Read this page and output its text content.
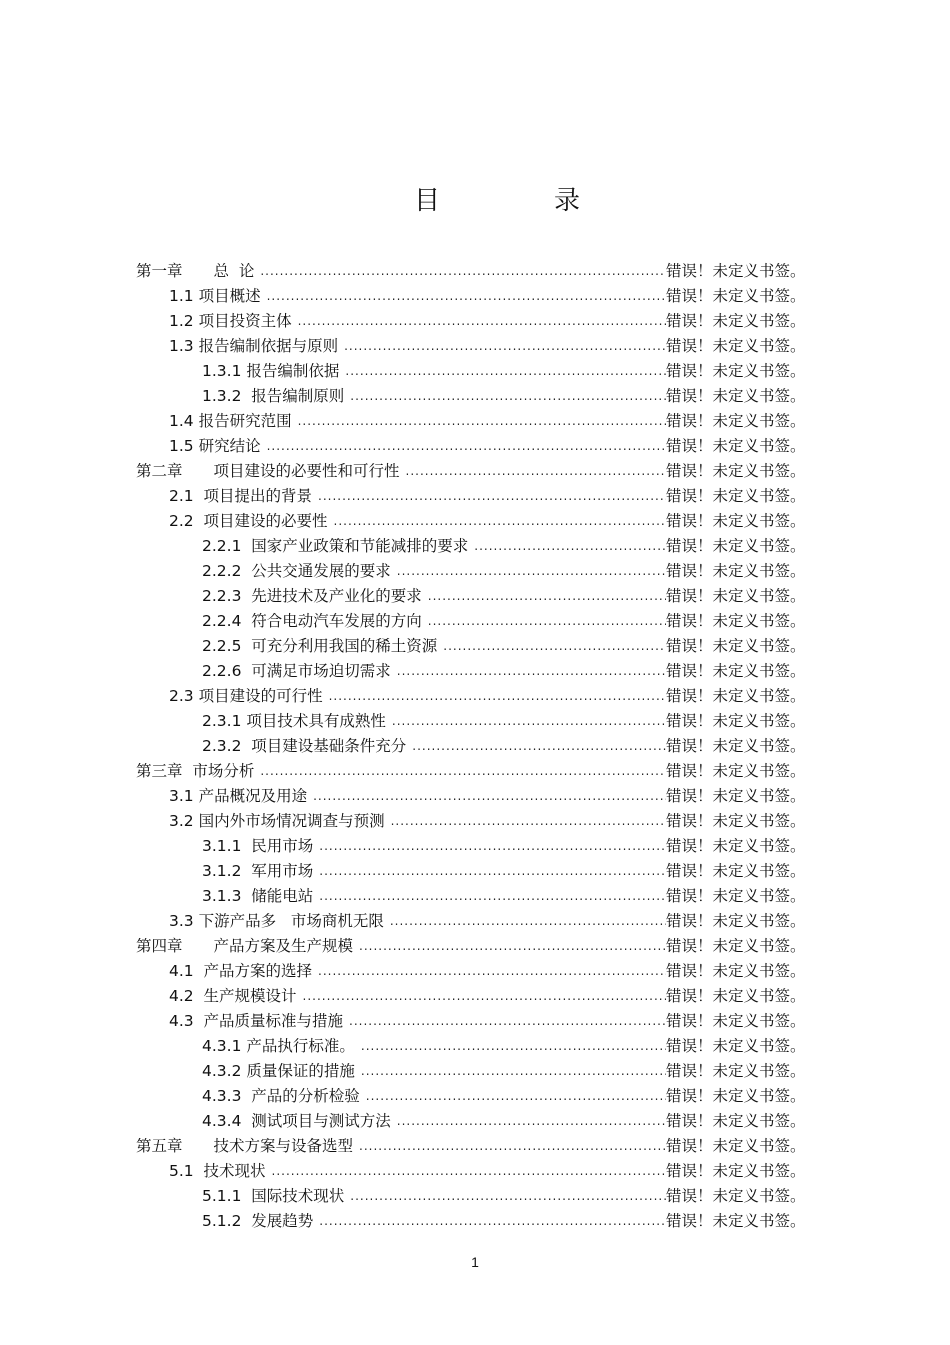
目　录
第一章　　总  论 .....	错误！未定义书签。
1.1 项目概述 .....	错误！未定义书签。
1.2 项目投资主体 .....	错误！未定义书签。
1.3 报告编制依据与原则 .....	错误！未定义书签。
1.3.1 报告编制依据 .....	错误！未定义书签。
1.3.2  报告编制原则 .....	错误！未定义书签。
1.4 报告研究范围 .....	错误！未定义书签。
1.5 研究结论 .....	错误！未定义书签。
第二章　　项目建设的必要性和可行性 .....	错误！未定义书签。
2.1  项目提出的背景 .....	错误！未定义书签。
2.2  项目建设的必要性 .....	错误！未定义书签。
2.2.1  国家产业政策和节能减排的要求 .....	错误！未定义书签。
2.2.2  公共交通发展的要求 .....	错误！未定义书签。
2.2.3  先进技术及产业化的要求 .....	错误！未定义书签。
2.2.4  符合电动汽车发展的方向 .....	错误！未定义书签。
2.2.5  可充分利用我国的稀土资源 .....	错误！未定义书签。
2.2.6  可满足市场迫切需求 .....	错误！未定义书签。
2.3 项目建设的可行性 .....	错误！未定义书签。
2.3.1 项目技术具有成熟性 .....	错误！未定义书签。
2.3.2  项目建设基础条件充分 .....	错误！未定义书签。
第三章  市场分析 .....	错误！未定义书签。
3.1 产品概况及用途 .....	错误！未定义书签。
3.2 国内外市场情况调查与预测 .....	错误！未定义书签。
3.1.1  民用市场 .....	错误！未定义书签。
3.1.2  军用市场 .....	错误！未定义书签。
3.1.3  储能电站 .....	错误！未定义书签。
3.3 下游产品多   市场商机无限 .....	错误！未定义书签。
第四章　　产品方案及生产规模 .....	错误！未定义书签。
4.1  产品方案的选择 .....	错误！未定义书签。
4.2  生产规模设计 .....	错误！未定义书签。
4.3  产品质量标准与措施 .....	错误！未定义书签。
4.3.1 产品执行标准。 .....	错误！未定义书签。
4.3.2 质量保证的措施 .....	错误！未定义书签。
4.3.3  产品的分析检验 .....	错误！未定义书签。
4.3.4  测试项目与测试方法 .....	错误！未定义书签。
第五章　　技术方案与设备选型 .....	错误！未定义书签。
5.1  技术现状 .....	错误！未定义书签。
5.1.1  国际技术现状 .....	错误！未定义书签。
5.1.2  发展趋势 .....	错误！未定义书签。
1
